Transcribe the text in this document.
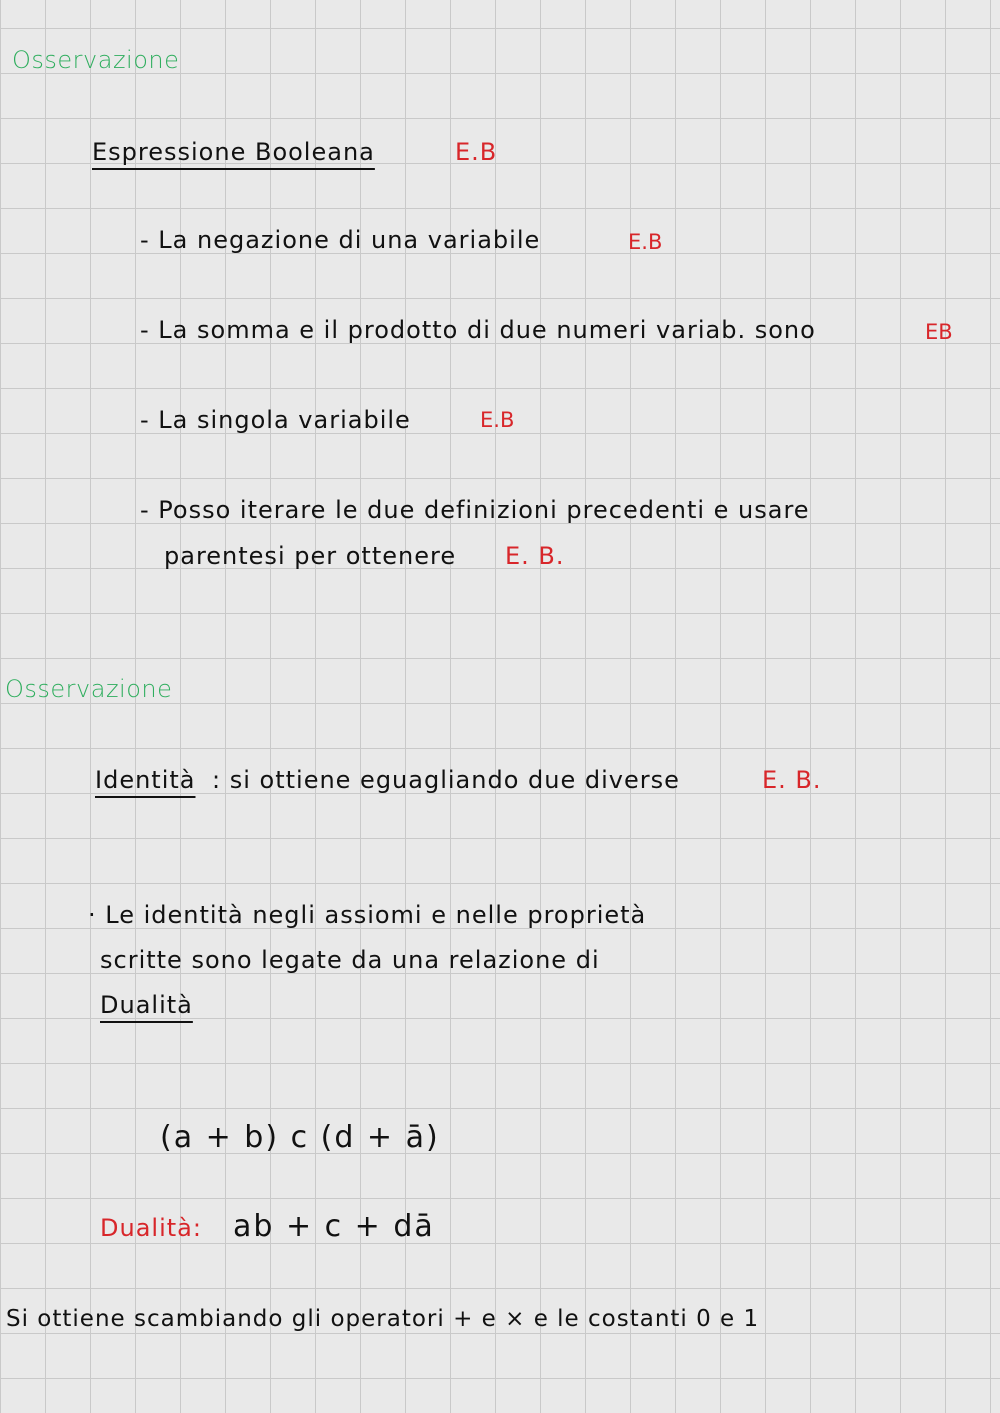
Osservazione
Espressione Booleana	E.B
- La negazione di una variabile	E.B
- La somma e il prodotto di due numeri variab. sono	EB
- La singola variabile	E.B
- Posso iterare le due definizioni precedenti e usare
parentesi per ottenere E. B.
Osservazione
Identità : si ottiene eguagliando due diverse	E. B.
· Le identità negli assiomi e nelle proprietà
scritte sono legate da una relazione di
Dualità
(a + b) c (d + ā)
Dualità: ab + c + dā
Si ottiene scambiando gli operatori + e × e le costanti 0 e 1
